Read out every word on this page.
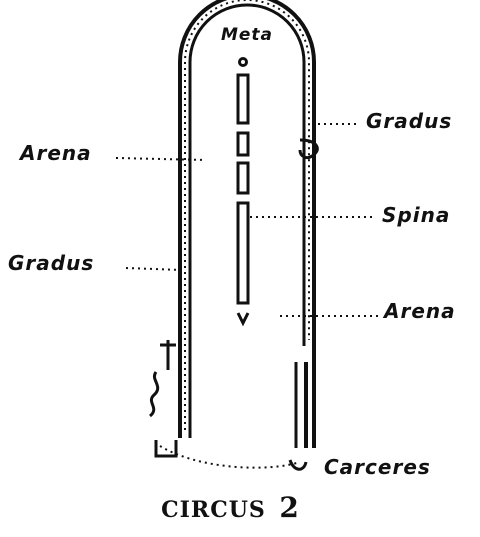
Meta
Gradus
Arena
Spina
Gradus
Arena
Carceres
CIRCUS 2
